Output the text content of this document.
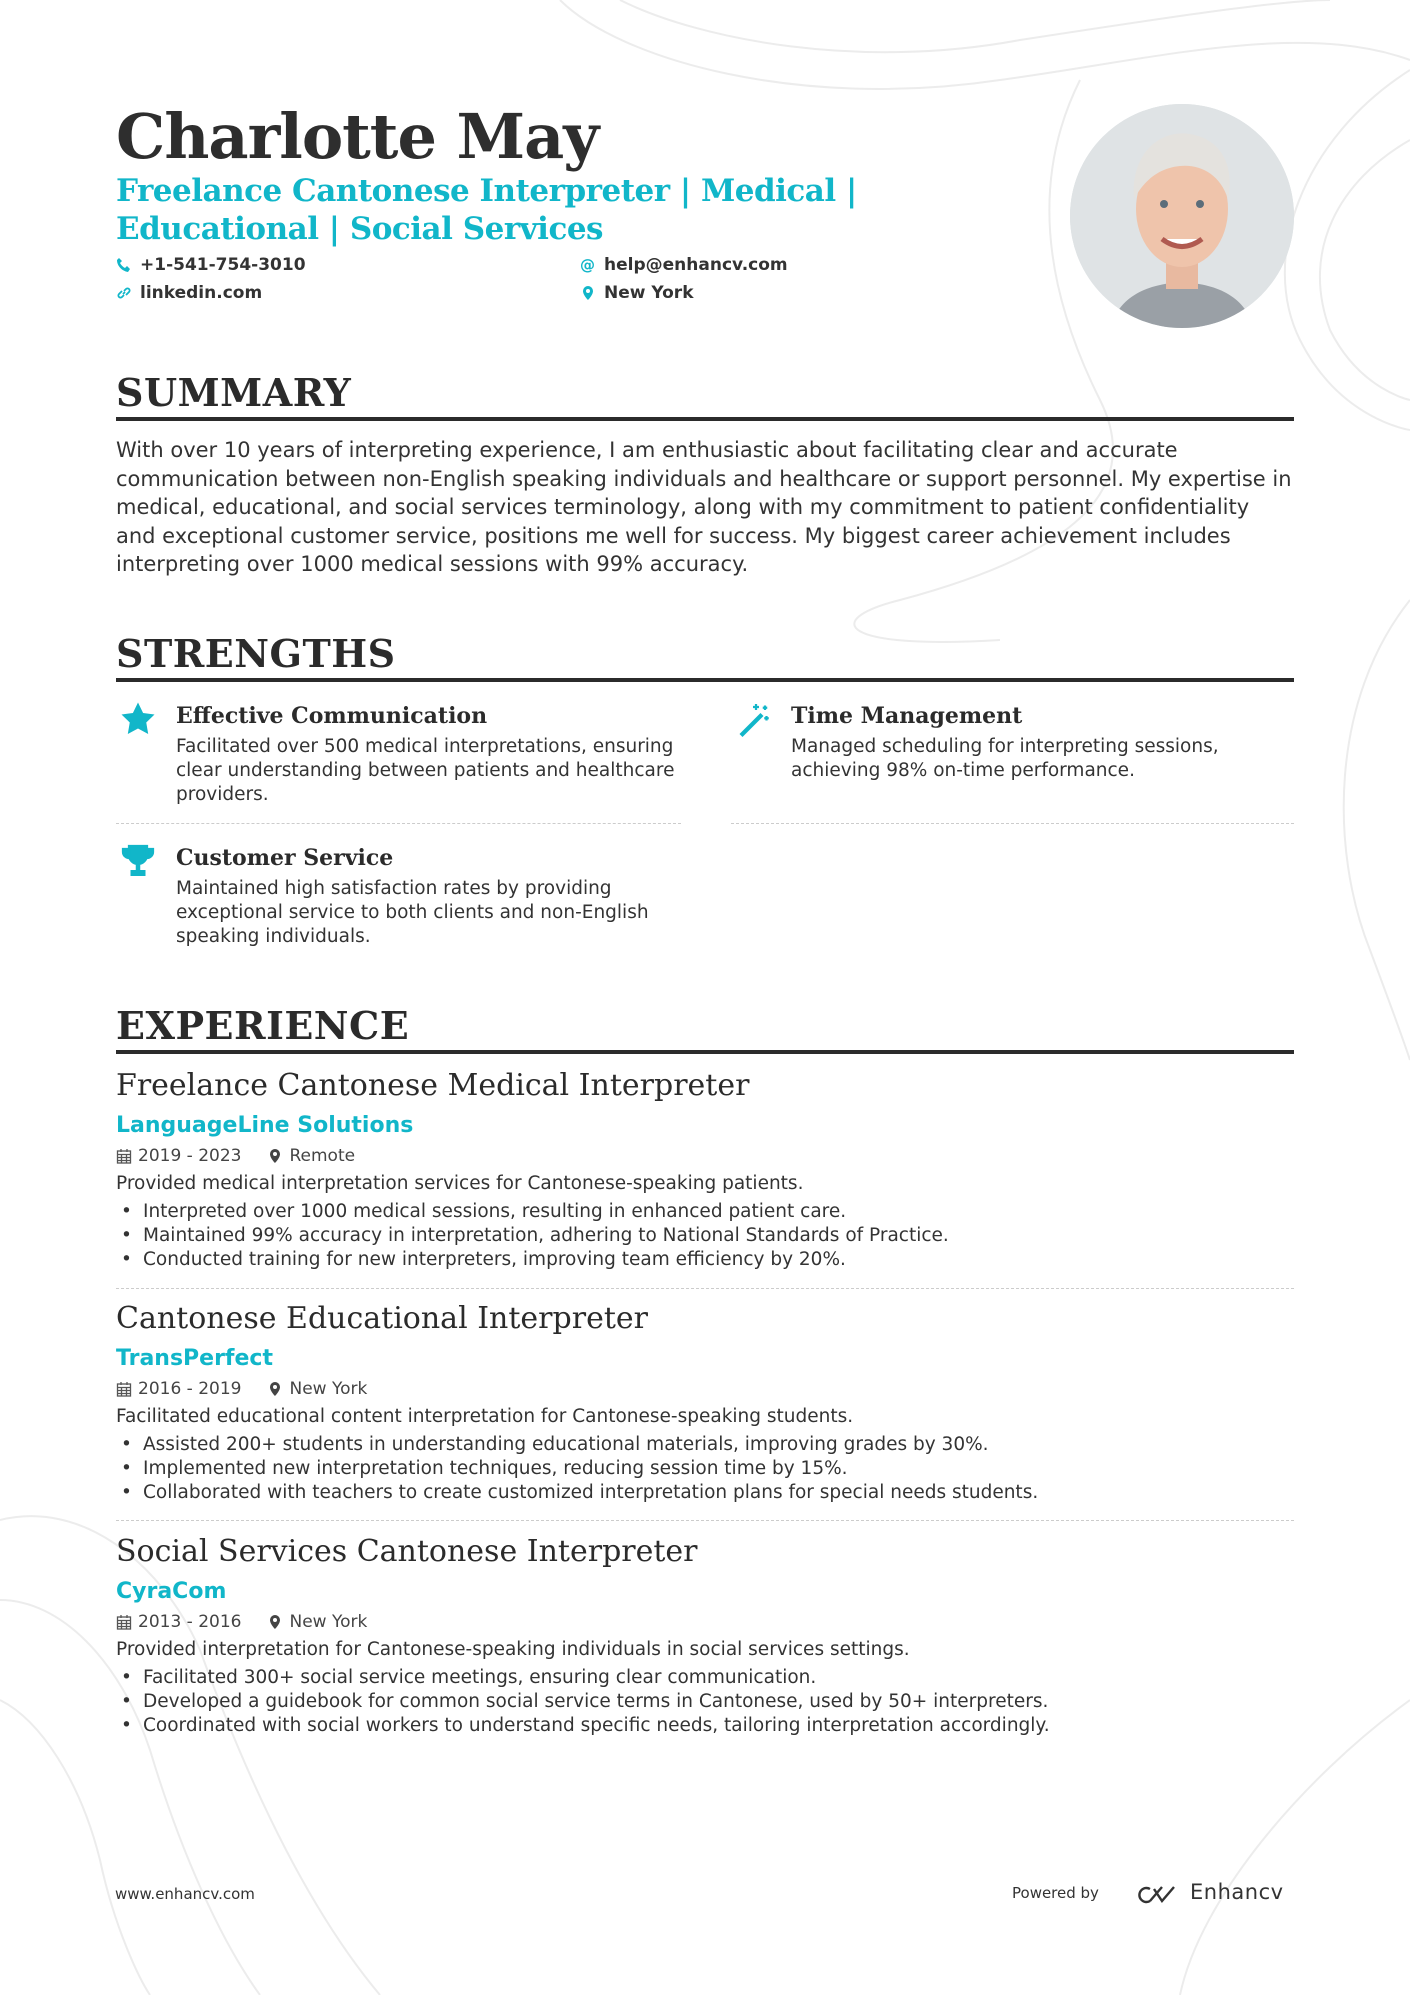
Charlotte May
Freelance Cantonese Interpreter | Medical | Educational | Social Services
+1-541-754-3010	@ help@enhancv.com
linkedin.com	New York
SUMMARY
With over 10 years of interpreting experience, I am enthusiastic about facilitating clear and accurate communication between non-English speaking individuals and healthcare or support personnel. My expertise in medical, educational, and social services terminology, along with my commitment to patient confidentiality and exceptional customer service, positions me well for success. My biggest career achievement includes interpreting over 1000 medical sessions with 99% accuracy.
STRENGTHS
Effective Communication
Facilitated over 500 medical interpretations, ensuring clear understanding between patients and healthcare providers.
Time Management
Managed scheduling for interpreting sessions, achieving 98% on-time performance.
Customer Service
Maintained high satisfaction rates by providing exceptional service to both clients and non-English speaking individuals.
EXPERIENCE
Freelance Cantonese Medical Interpreter
LanguageLine Solutions
2019 - 2023	Remote
Provided medical interpretation services for Cantonese-speaking patients.
• Interpreted over 1000 medical sessions, resulting in enhanced patient care.
• Maintained 99% accuracy in interpretation, adhering to National Standards of Practice.
• Conducted training for new interpreters, improving team efficiency by 20%.
Cantonese Educational Interpreter
TransPerfect
2016 - 2019	New York
Facilitated educational content interpretation for Cantonese-speaking students.
• Assisted 200+ students in understanding educational materials, improving grades by 30%.
• Implemented new interpretation techniques, reducing session time by 15%.
• Collaborated with teachers to create customized interpretation plans for special needs students.
Social Services Cantonese Interpreter
CyraCom
2013 - 2016	New York
Provided interpretation for Cantonese-speaking individuals in social services settings.
• Facilitated 300+ social service meetings, ensuring clear communication.
• Developed a guidebook for common social service terms in Cantonese, used by 50+ interpreters.
• Coordinated with social workers to understand specific needs, tailoring interpretation accordingly.
www.enhancv.com	Powered by	Enhancv
